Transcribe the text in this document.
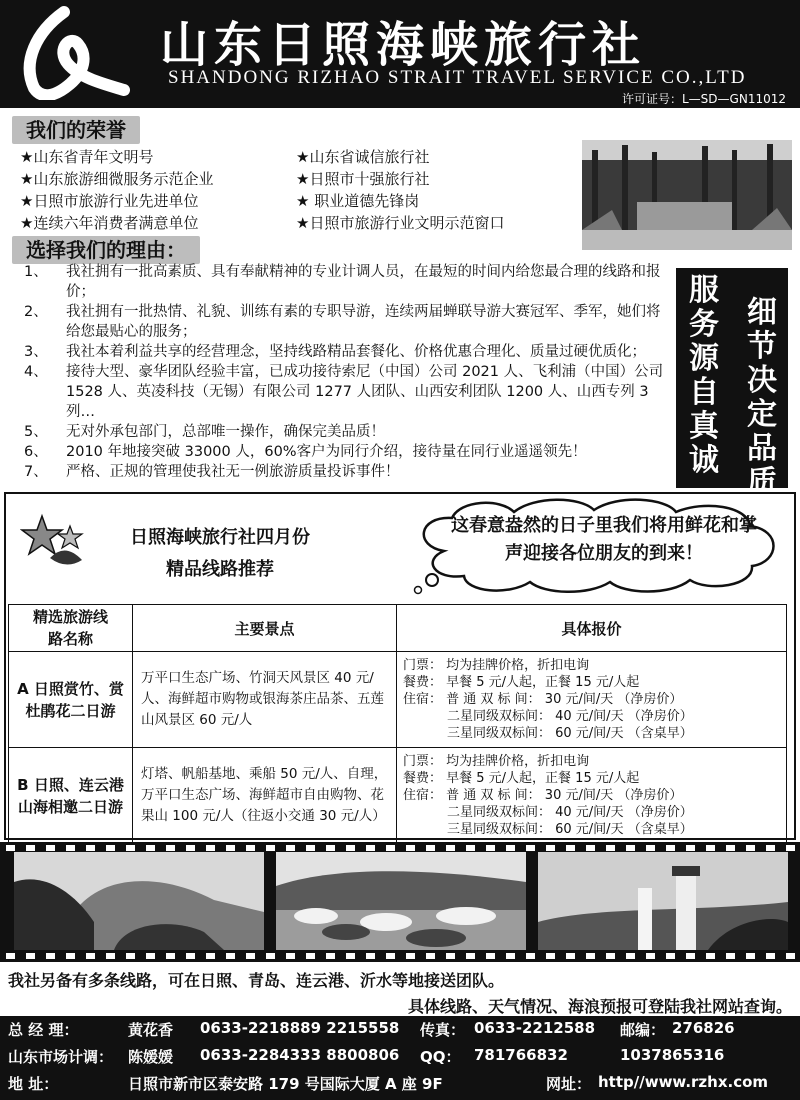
山东日照海峡旅行社
SHANDONG RIZHAO STRAIT TRAVEL SERVICE CO.,LTD
许可证号：L—SD—GN11012
我们的荣誉
★山东省青年文明号
★山东旅游细微服务示范企业
★日照市旅游行业先进单位
★连续六年消费者满意单位
★山东省诚信旅行社
★日照市十强旅行社
★ 职业道德先锋岗
★日照市旅游行业文明示范窗口
选择我们的理由：
1、	我社拥有一批高素质、具有奉献精神的专业计调人员，在最短的时间内给您最合理的线路和报价；
2、	我社拥有一批热情、礼貌、训练有素的专职导游，连续两届蝉联导游大赛冠军、季军，她们将给您最贴心的服务；
3、	我社本着利益共享的经营理念，坚持线路精品套餐化、价格优惠合理化、质量过硬优质化；
4、	接待大型、豪华团队经验丰富，已成功接待索尼（中国）公司 2021 人、飞利浦（中国）公司 1528 人、英凌科技（无锡）有限公司 1277 人团队、山西安利团队 1200 人、山西专列 3 列…
5、	无对外承包部门，总部唯一操作，确保完美品质！
6、	2010 年地接突破 33000 人，60%客户为同行介绍，接待量在同行业遥遥领先！
7、	严格、正规的管理使我社无一例旅游质量投诉事件！
服务源自真诚
细节决定品质
日照海峡旅行社四月份
精品线路推荐
这春意盎然的日子里我们将用鲜花和掌声迎接各位朋友的到来！
精选旅游线路名称	主要景点	具体报价
A 日照赏竹、赏杜鹃花二日游	万平口生态广场、竹洞天风景区 40 元/人、海鲜超市购物或银海茶庄品茶、五莲山风景区 60 元/人	门票： 均为挂牌价格，折扣电询
餐费： 早餐 5 元/人起，正餐 15 元/人起
住宿： 普 通 双 标 间： 30 元/间/天 （净房价）
二星同级双标间： 40 元/间/天 （净房价）
三星同级双标间： 60 元/间/天 （含桌早）

B 日照、连云港山海相邀二日游	灯塔、帆船基地、乘船 50 元/人、自理，万平口生态广场、海鲜超市自由购物、花果山 100 元/人（往返小交通 30 元/人）	门票： 均为挂牌价格，折扣电询
餐费： 早餐 5 元/人起，正餐 15 元/人起
住宿： 普 通 双 标 间： 30 元/间/天 （净房价）
二星同级双标间： 40 元/间/天 （净房价）
三星同级双标间： 60 元/间/天 （含桌早）
我社另备有多条线路，可在日照、青岛、连云港、沂水等地接送团队。
具体线路、天气情况、海浪预报可登陆我社网站查询。
总 经 理：	黄花香 0633-2218889 2215558 传真： 0633-2212588 邮编： 276826
山东市场计调： 陈媛媛 0633-2284333 8800806 QQ： 781766832	1037865316
地 址：	日照市新市区泰安路 179 号国际大厦 A 座 9F	网址： http//www.rzhx.com
